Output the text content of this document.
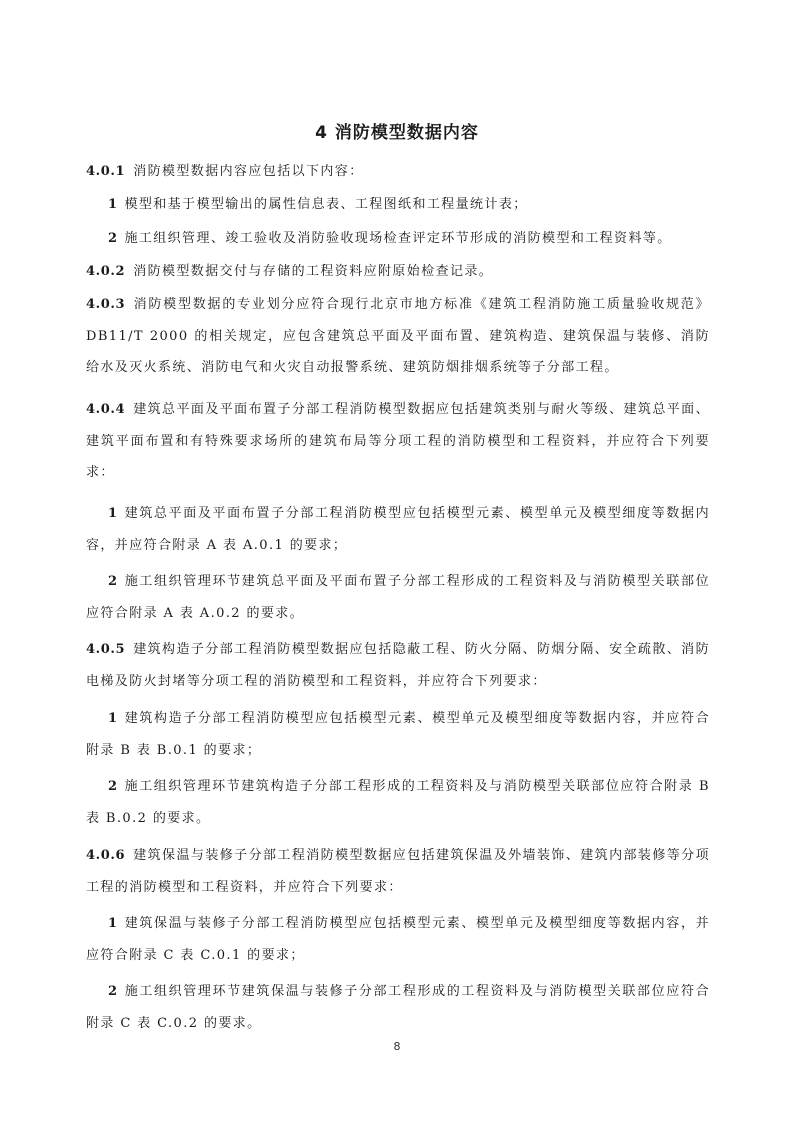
4 消防模型数据内容

4.0.1 消防模型数据内容应包括以下内容：

1 模型和基于模型输出的属性信息表、工程图纸和工程量统计表；

2 施工组织管理、竣工验收及消防验收现场检查评定环节形成的消防模型和工程资料等。

4.0.2 消防模型数据交付与存储的工程资料应附原始检查记录。

4.0.3 消防模型数据的专业划分应符合现行北京市地方标准《建筑工程消防施工质量验收规范》DB11/T 2000 的相关规定，应包含建筑总平面及平面布置、建筑构造、建筑保温与装修、消防给水及灭火系统、消防电气和火灾自动报警系统、建筑防烟排烟系统等子分部工程。

4.0.4 建筑总平面及平面布置子分部工程消防模型数据应包括建筑类别与耐火等级、建筑总平面、建筑平面布置和有特殊要求场所的建筑布局等分项工程的消防模型和工程资料，并应符合下列要求：

1 建筑总平面及平面布置子分部工程消防模型应包括模型元素、模型单元及模型细度等数据内容，并应符合附录 A 表 A.0.1 的要求；

2 施工组织管理环节建筑总平面及平面布置子分部工程形成的工程资料及与消防模型关联部位应符合附录 A 表 A.0.2 的要求。

4.0.5 建筑构造子分部工程消防模型数据应包括隐蔽工程、防火分隔、防烟分隔、安全疏散、消防电梯及防火封堵等分项工程的消防模型和工程资料，并应符合下列要求：

1 建筑构造子分部工程消防模型应包括模型元素、模型单元及模型细度等数据内容，并应符合附录 B 表 B.0.1 的要求；

2 施工组织管理环节建筑构造子分部工程形成的工程资料及与消防模型关联部位应符合附录 B 表 B.0.2 的要求。

4.0.6 建筑保温与装修子分部工程消防模型数据应包括建筑保温及外墙装饰、建筑内部装修等分项工程的消防模型和工程资料，并应符合下列要求：

1 建筑保温与装修子分部工程消防模型应包括模型元素、模型单元及模型细度等数据内容，并应符合附录 C 表 C.0.1 的要求；

2 施工组织管理环节建筑保温与装修子分部工程形成的工程资料及与消防模型关联部位应符合附录 C 表 C.0.2 的要求。

8
